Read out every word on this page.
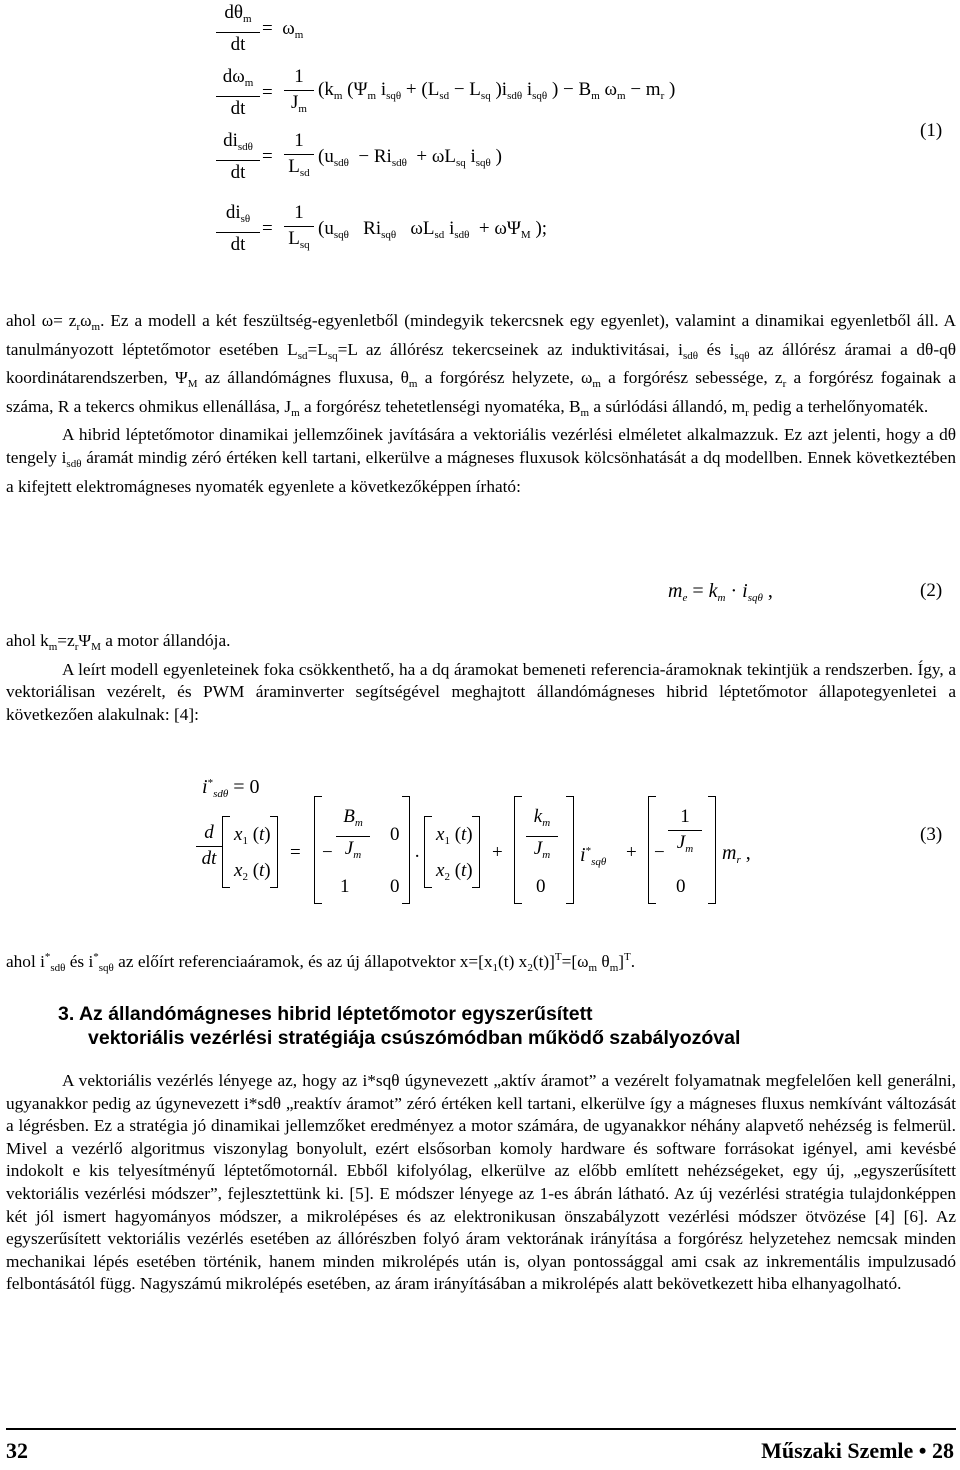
$d\theta_m$
dt
=  $\omega_m$
$d\omega_m$
dt
=
1
$J_m$
($k_m$ ($\Psi_m$ $i_{sq\theta} + (L_{sd} - L_{sq}$ )$i_{sd\theta}$ $i_{sq\theta}$ ) − $B_m$ $\omega_m - m_r$ )
$di_{sd\theta}$
dt
=
1
$L_{sd}$
($u_{sd\theta} - Ri_{sd\theta} + \omega L_{sq}$ $i_{sq\theta}$ )
$di_{s\theta}$
dt
=
1
$L_{sq}$
($u_{sq\theta}$   $Ri_{sq\theta}$   $\omega L_{sd}$ $i_{sd\theta} + \omega\Psi_M$ );
(1)

ahol $\omega= z_r\omega_m$. Ez a modell a két feszültség-egyenletből (mindegyik tekercsnek egy egyenlet), valamint a dinamikai egyenletből áll. A tanulmányozott léptetőmotor esetében $L_{sd}=L_{sq}=L$ az állórész tekercseinek az induktivitásai, $i_{sd\theta}$ és $i_{sq\theta}$ az állórész áramai a dθ-qθ koordinátarendszerben, $\Psi_M$ az állandómágnes fluxusa, $\theta_m$ a forgórész helyzete, $\omega_m$ a forgórész sebessége, $z_r$ a forgórész fogainak a száma, R a tekercs ohmikus ellenállása, $J_m$ a forgórész tehetetlenségi nyomatéka, $B_m$ a súrlódási állandó, $m_r$ pedig a terhelőnyomaték.

A hibrid léptetőmotor dinamikai jellemzőinek javítására a vektoriális vezérlési elméletet alkalmazzuk. Ez azt jelenti, hogy a dθ tengely $i_{sd\theta}$ áramát mindig zéró értéken kell tartani, elkerülve a mágneses fluxusok kölcsönhatását a dq modellben. Ennek következtében a kifejtett elektromágneses nyomaték egyenlete a következőképpen írható:

$m_e = k_m \cdot i_{sq\theta}$ ,	(2)

ahol $k_m=z_r\Psi_M$ a motor állandója.

A leírt modell egyenleteinek foka csökkenthető, ha a dq áramokat bemeneti referencia-áramoknak tekintjük a rendszerben. Így, a vektoriálisan vezérelt, és PWM áraminverter segítségével meghajtott állandómágneses hibrid léptetőmotor állapotegyenletei a következően alakulnak: [4]:

$i^*_{sd\theta} = 0$
d
dt
$x_1$ (t)
$x_2$ (t)
= −
$B_m$
$J_m$
0
1 0
·
$x_1$ (t)
$x_2$ (t)
+
$k_m$
$J_m$
0
$i^*_{sq\theta}$ + −
1
$J_m$
0
$m_r$ ,
(3)

ahol $i^*_{sd\theta}$ és $i^*_{sq\theta}$ az előírt referenciaáramok, és az új állapotvektor $x=[x_1(t)$ $x_2(t)]^T=[\omega_m$ $\theta_m]^T$.

3. Az állandómágneses hibrid léptetőmotor egyszerűsített
vektoriális vezérlési stratégiája csúszómódban működő szabályozóval

A vektoriális vezérlés lényege az, hogy az i*sqθ úgynevezett „aktív áramot” a vezérelt folyamatnak megfelelően kell generálni, ugyanakkor pedig az úgynevezett i*sdθ „reaktív áramot” zéró értéken kell tartani, elkerülve így a mágneses fluxus nemkívánt változását a légrésben. Ez a stratégia jó dinamikai jellemzőket eredményez a motor számára, de ugyanakkor néhány alapvető nehézség is felmerül. Mivel a vezérlő algoritmus viszonylag bonyolult, ezért elsősorban komoly hardware és software forrásokat igényel, ami kevésbé indokolt e kis telyesítményű léptetőmotornál. Ebből kifolyólag, elkerülve az előbb említett nehézségeket, egy új, „egyszerűsített vektoriális vezérlési módszer”, fejlesztettünk ki. [5]. E módszer lényege az 1-es ábrán látható. Az új vezérlési stratégia tulajdonképpen két jól ismert hagyományos módszer, a mikrolépéses és az elektronikusan önszabályzott vezérlési módszer ötvözése [4] [6]. Az egyszerűsített vektoriális vezérlés esetében az állórészben folyó áram vektorának irányítása a forgórész helyzetehez nemcsak minden mechanikai lépés esetében történik, hanem minden mikrolépés után is, olyan pontossággal ami csak az inkrementális impulzusadó felbontásától függ. Nagyszámú mikrolépés esetében, az áram irányításában a mikrolépés alatt bekövetkezett hiba elhanyagolható.

32	Műszaki Szemle • 28
